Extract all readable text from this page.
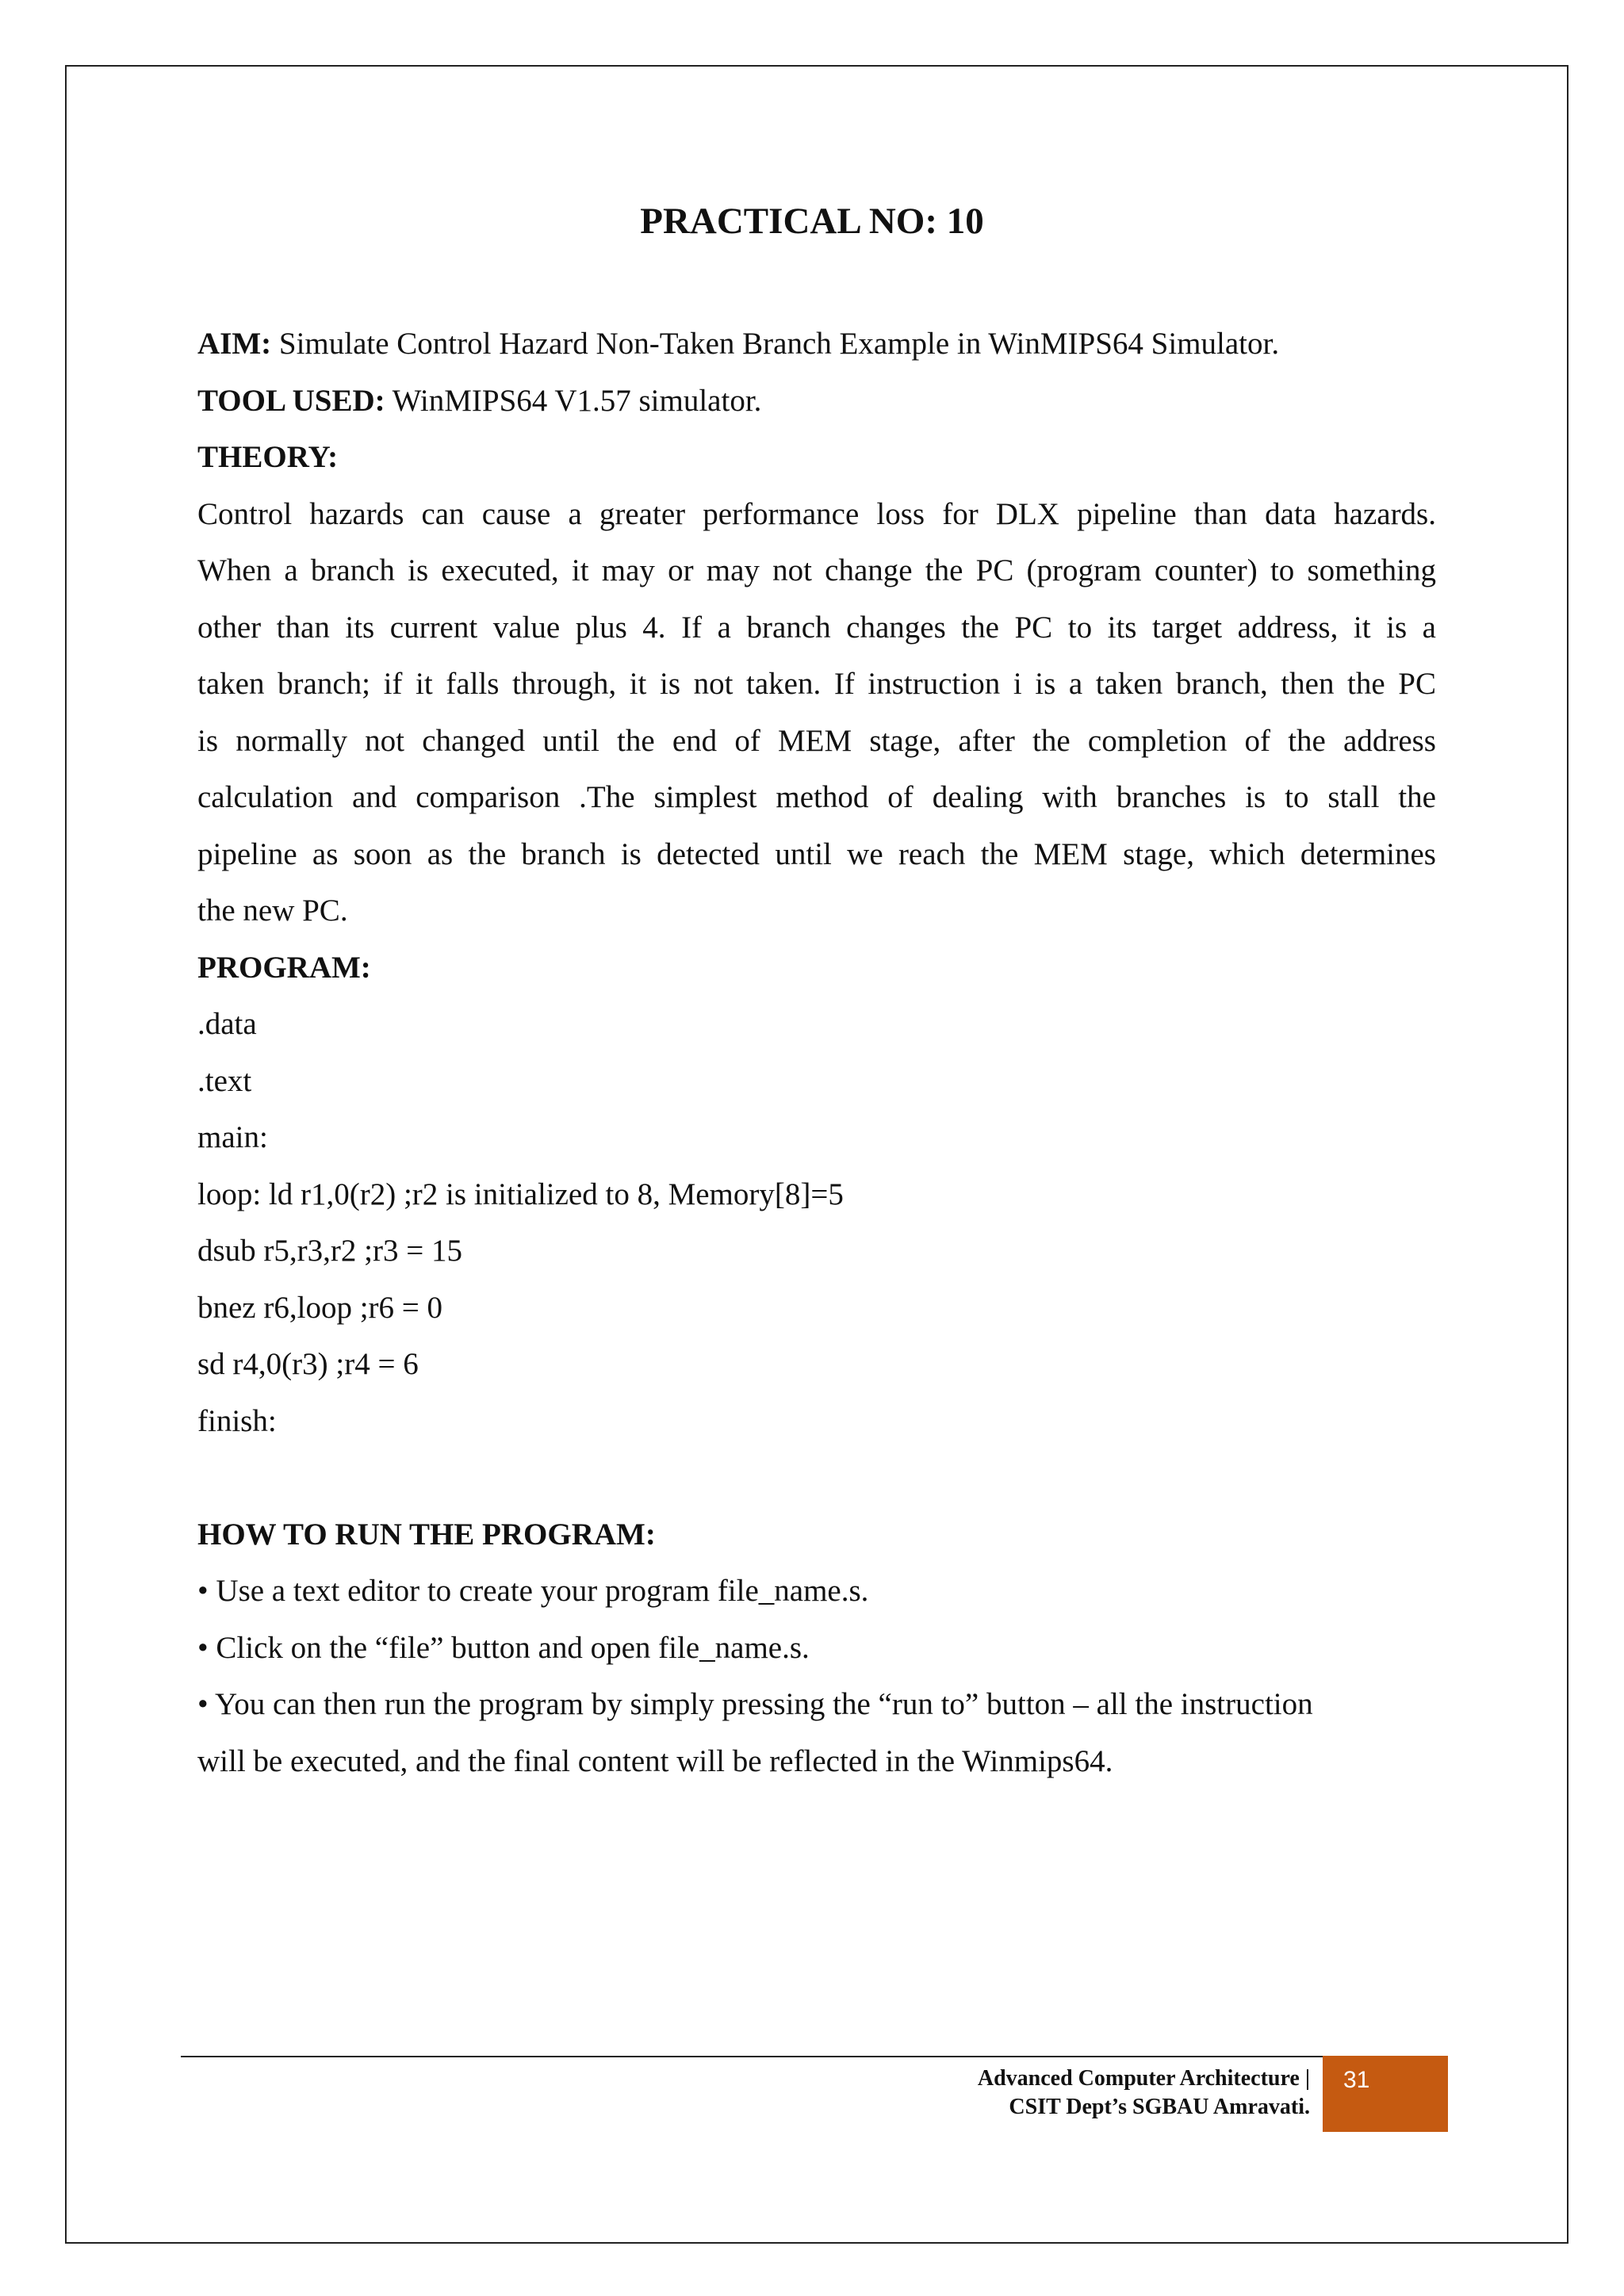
PRACTICAL NO: 10
AIM: Simulate Control Hazard Non-Taken Branch Example in WinMIPS64 Simulator.
TOOL USED: WinMIPS64 V1.57 simulator.
THEORY:
Control hazards can cause a greater performance loss for DLX pipeline than data hazards.
When a branch is executed, it may or may not change the PC (program counter) to something
other than its current value plus 4. If a branch changes the PC to its target address, it is a
taken branch; if it falls through, it is not taken. If instruction i is a taken branch, then the PC
is normally not changed until the end of MEM stage, after the completion of the address
calculation and comparison .The simplest method of dealing with branches is to stall the
pipeline as soon as the branch is detected until we reach the MEM stage, which determines
the new PC.
PROGRAM:
.data
.text
main:
loop: ld r1,0(r2) ;r2 is initialized to 8, Memory[8]=5
dsub r5,r3,r2 ;r3 = 15
bnez r6,loop ;r6 = 0
sd r4,0(r3) ;r4 = 6
finish:
HOW TO RUN THE PROGRAM:
• Use a text editor to create your program file_name.s.
• Click on the “file” button and open file_name.s.
• You can then run the program by simply pressing the “run to” button – all the instruction
will be executed, and the final content will be reflected in the Winmips64.
Advanced Computer Architecture |
CSIT Dept’s SGBAU Amravati.
31
